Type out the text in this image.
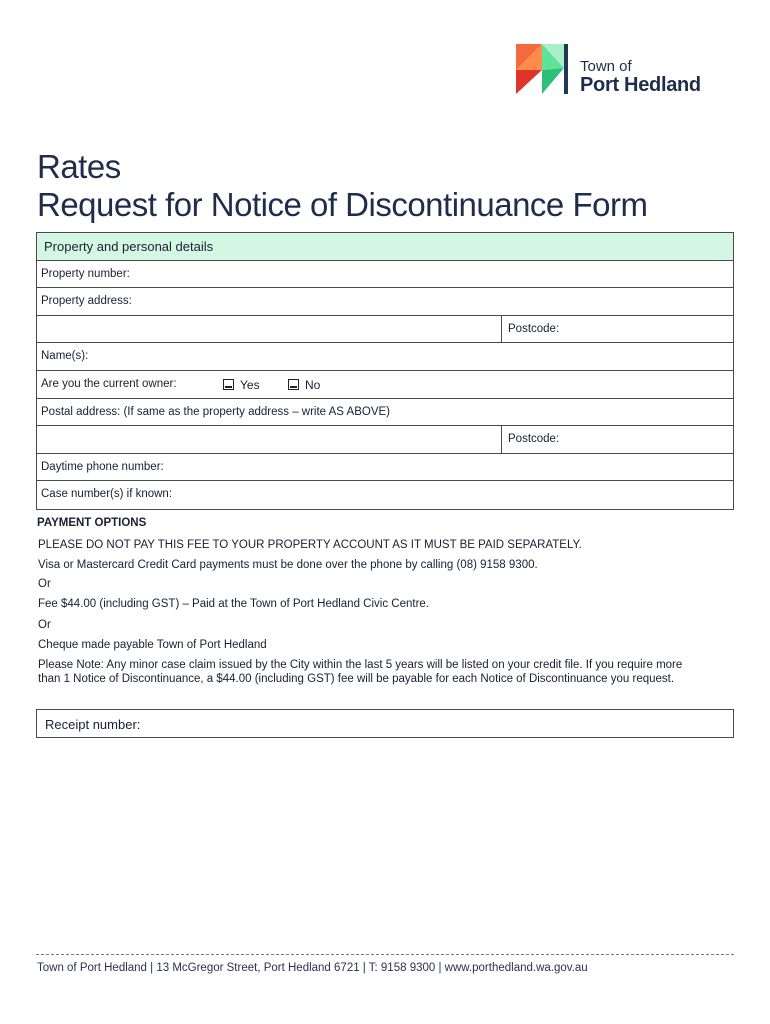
Town of
Port Hedland
Rates
Request for Notice of Discontinuance Form
Property and personal details
Property number:
Property address:
Postcode:
Name(s):
Are you the current owner:	Yes	No
Postal address: (If same as the property address – write AS ABOVE)
Postcode:
Daytime phone number:
Case number(s) if known:
PAYMENT OPTIONS
PLEASE DO NOT PAY THIS FEE TO YOUR PROPERTY ACCOUNT AS IT MUST BE PAID SEPARATELY.
Visa or Mastercard Credit Card payments must be done over the phone by calling (08) 9158 9300.
Or
Fee $44.00 (including GST) – Paid at the Town of Port Hedland Civic Centre.
Or
Cheque made payable Town of Port Hedland
Please Note: Any minor case claim issued by the City within the last 5 years will be listed on your credit file. If you require more than 1 Notice of Discontinuance, a $44.00 (including GST) fee will be payable for each Notice of Discontinuance you request.
Receipt number:
Town of Port Hedland | 13 McGregor Street, Port Hedland 6721 | T: 9158 9300 | www.porthedland.wa.gov.au
